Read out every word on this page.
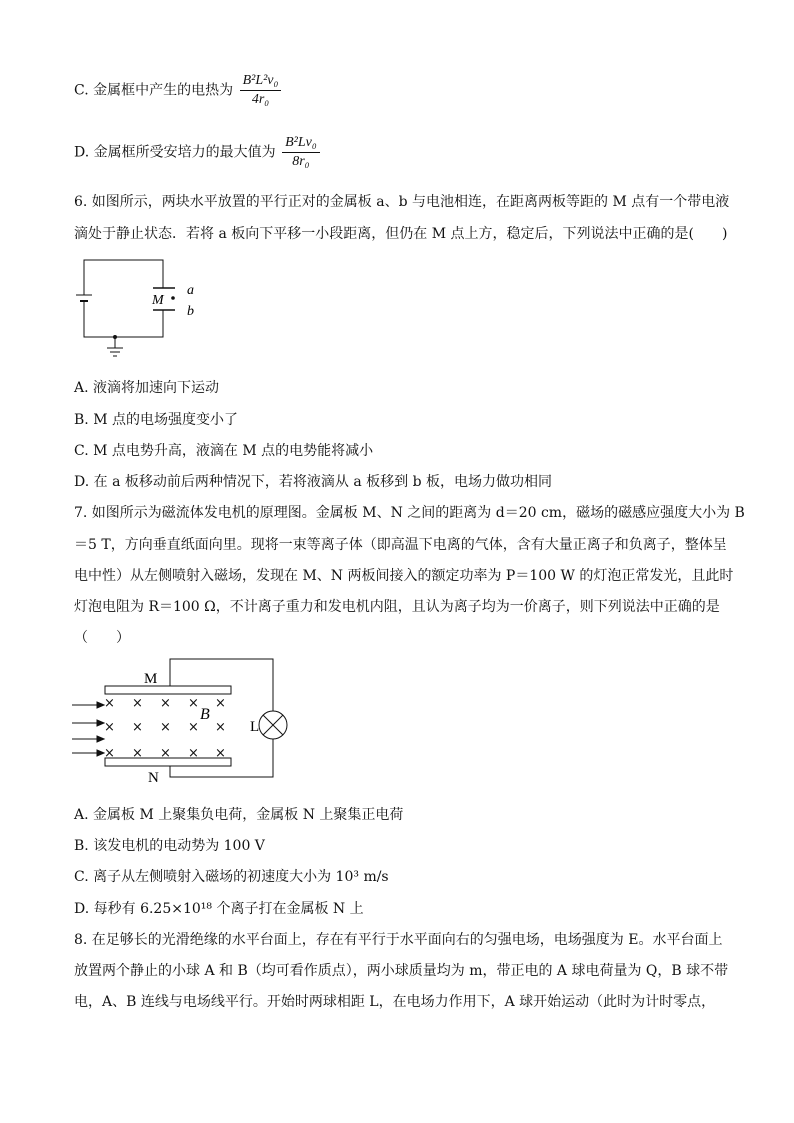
C. 金属框中产生的电热为 $\frac{\text{B²L²v₀}}{\text{4r₀}}$
D. 金属框所受安培力的最大值为 $\frac{\text{B²Lv₀}}{\text{8r₀}}$
6. 如图所示，两块水平放置的平行正对的金属板 a、b 与电池相连，在距离两板等距的 M 点有一个带电液
滴处于静止状态．若将 a 板向下平移一小段距离，但仍在 M 点上方，稳定后，下列说法中正确的是(　　)
M
a
b
A. 液滴将加速向下运动
B. M 点的电场强度变小了
C. M 点电势升高，液滴在 M 点的电势能将减小
D. 在 a 板移动前后两种情况下，若将液滴从 a 板移到 b 板，电场力做功相同
7. 如图所示为磁流体发电机的原理图。金属板 M、N 之间的距离为 d＝20 cm，磁场的磁感应强度大小为 B
＝5 T，方向垂直纸面向里。现将一束等离子体（即高温下电离的气体，含有大量正离子和负离子，整体呈
电中性）从左侧喷射入磁场，发现在 M、N 两板间接入的额定功率为 P＝100 W 的灯泡正常发光，且此时
灯泡电阻为 R＝100 Ω，不计离子重力和发电机内阻，且认为离子均为一价离子，则下列说法中正确的是
（　　）
× × × × ×
× × × × ×
× × × × ×
M
N
B
L
A. 金属板 M 上聚集负电荷，金属板 N 上聚集正电荷
B. 该发电机的电动势为 100 V
C. 离子从左侧喷射入磁场的初速度大小为 10³ m/s
D. 每秒有 6.25×10¹⁸ 个离子打在金属板 N 上
8. 在足够长的光滑绝缘的水平台面上，存在有平行于水平面向右的匀强电场，电场强度为 E。水平台面上
放置两个静止的小球 A 和 B（均可看作质点），两小球质量均为 m，带正电的 A 球电荷量为 Q，B 球不带
电，A、B 连线与电场线平行。开始时两球相距 L，在电场力作用下，A 球开始运动（此时为计时零点，
